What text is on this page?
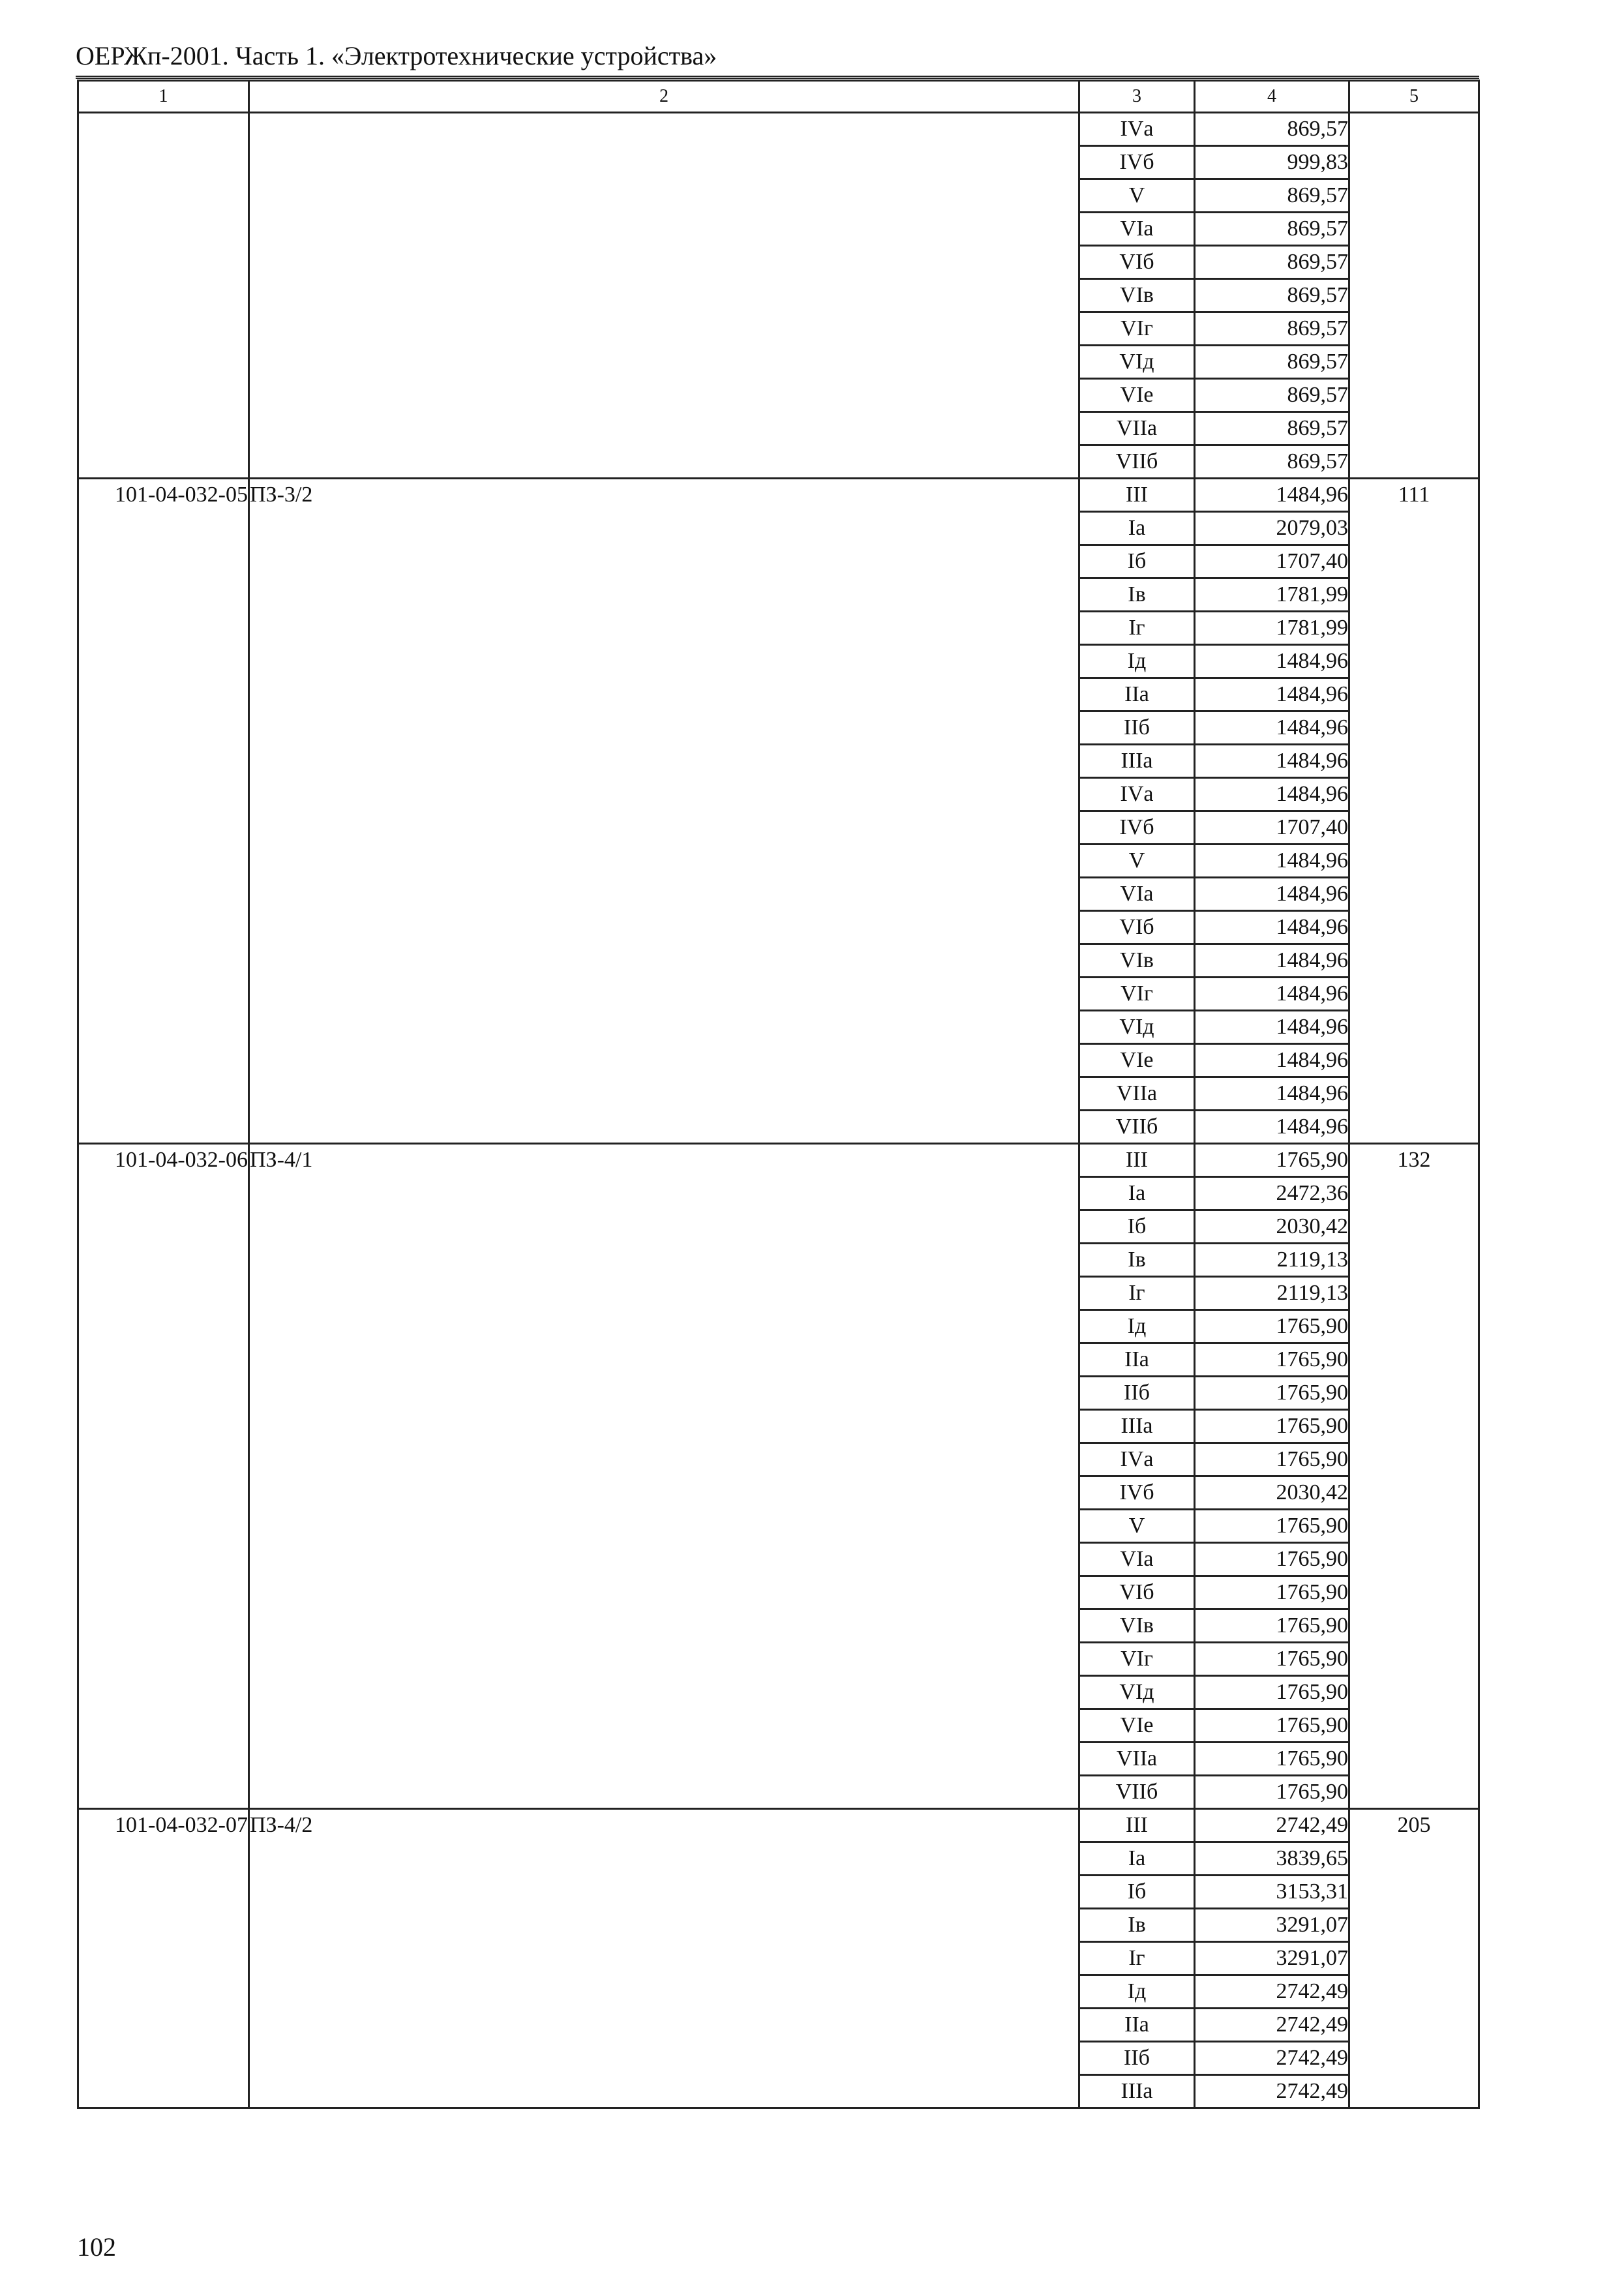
ОЕРЖп-2001. Часть 1. «Электротехнические устройства»
1	2	3	4	5
		IVа	869,57	
		IVб	999,83	
		V	869,57	
		VIа	869,57	
		VIб	869,57	
		VIв	869,57	
		VIг	869,57	
		VIд	869,57	
		VIе	869,57	
		VIIа	869,57	
		VIIб	869,57	
101-04-032-05	ПЗ-3/2	III	1484,96	111
		Iа	2079,03	
		Iб	1707,40	
		Iв	1781,99	
		Iг	1781,99	
		Iд	1484,96	
		IIа	1484,96	
		IIб	1484,96	
		IIIа	1484,96	
		IVа	1484,96	
		IVб	1707,40	
		V	1484,96	
		VIа	1484,96	
		VIб	1484,96	
		VIв	1484,96	
		VIг	1484,96	
		VIд	1484,96	
		VIе	1484,96	
		VIIа	1484,96	
		VIIб	1484,96	
101-04-032-06	ПЗ-4/1	III	1765,90	132
		Iа	2472,36	
		Iб	2030,42	
		Iв	2119,13	
		Iг	2119,13	
		Iд	1765,90	
		IIа	1765,90	
		IIб	1765,90	
		IIIа	1765,90	
		IVа	1765,90	
		IVб	2030,42	
		V	1765,90	
		VIа	1765,90	
		VIб	1765,90	
		VIв	1765,90	
		VIг	1765,90	
		VIд	1765,90	
		VIе	1765,90	
		VIIа	1765,90	
		VIIб	1765,90	
101-04-032-07	ПЗ-4/2	III	2742,49	205
		Iа	3839,65	
		Iб	3153,31	
		Iв	3291,07	
		Iг	3291,07	
		Iд	2742,49	
		IIа	2742,49	
		IIб	2742,49	
		IIIа	2742,49	
102
